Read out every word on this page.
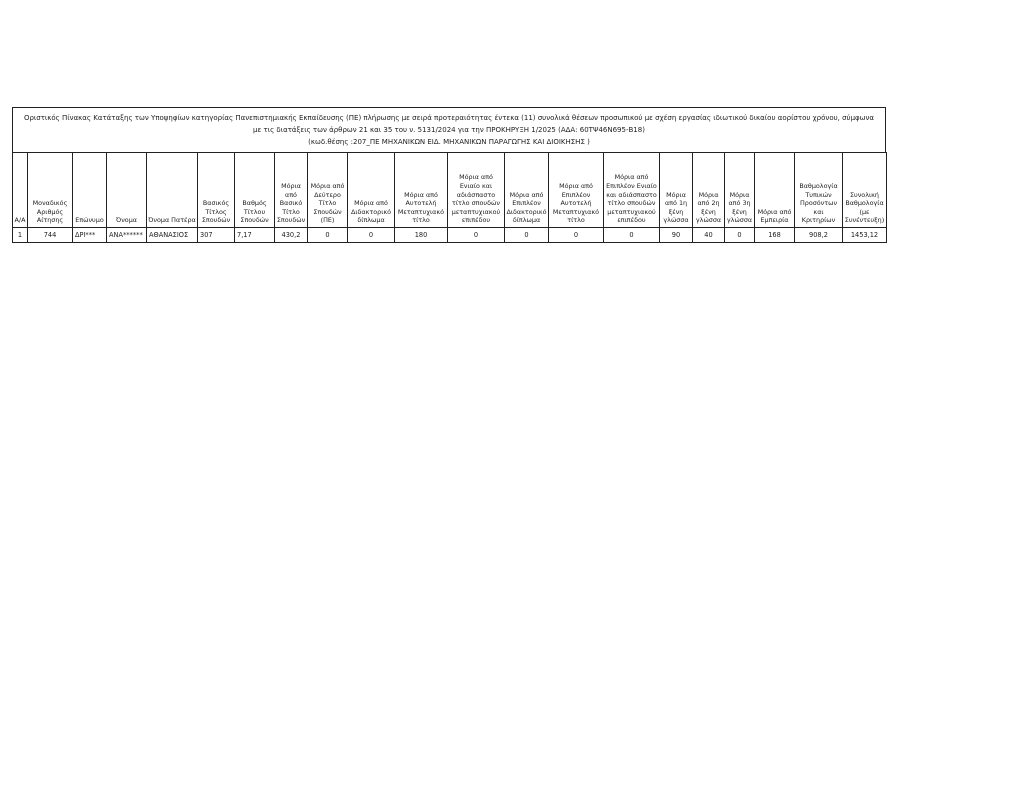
Οριστικός Πίνακας Κατάταξης των Υποψηφίων κατηγορίας Πανεπιστημιακής Εκπαίδευσης (ΠΕ) πλήρωσης με σειρά προτεραιότητας έντεκα (11) συνολικά θέσεων προσωπικού με σχέση εργασίας ιδιωτικού δικαίου αορίστου χρόνου, σύμφωνα με τις διατάξεις των άρθρων 21 και 35 του ν. 5131/2024 για την ΠΡΟΚΗΡΥΞΗ 1/2025 (ΑΔΑ: 60ΤΨ46Ν695-Β18)
(κωδ.θέσης :207_ΠΕ ΜΗΧΑΝΙΚΩΝ ΕΙΔ. ΜΗΧΑΝΙΚΩΝ ΠΑΡΑΓΩΓΗΣ ΚΑΙ ΔΙΟΙΚΗΣΗΣ )
Α/Α	Μοναδικός Αριθμός Αίτησης	Επώνυμο	Όνομα	Όνομα Πατέρα	Βασικός Τίτλος Σπουδών	Βαθμός Τίτλου Σπουδών	Μόρια από Βασικό Τίτλο Σπουδών	Μόρια από Δεύτερο Τίτλο Σπουδών (ΠΕ)	Μόρια από Διδακτορικό δίπλωμα	Μόρια από Αυτοτελή Μεταπτυχιακό τίτλο	Μόρια από Ενιαίο και αδιάσπαστο τίτλο σπουδών μεταπτυχιακού επιπέδου	Μόρια από Επιπλέον Διδακτορικό δίπλωμα	Μόρια από Επιπλέον Αυτοτελή Μεταπτυχιακό τίτλο	Μόρια από Επιπλέον Ενιαίο και αδιάσπαστο τίτλο σπουδών μεταπτυχιακού επιπέδου	Μόρια από 1η ξένη γλώσσα	Μόρια από 2η ξένη γλώσσα	Μόρια από 3η ξένη γλώσσα	Μόρια από Εμπειρία	Βαθμολογία Τυπικών Προσόντων και Κριτηρίων	Συνολική Βαθμολογία (με Συνέντευξη)
1	744	ΔΡΙ***	ΑΝΑ******	ΑΘΑΝΑΣΙΟΣ	307	7,17	430,2	0	0	180	0	0	0	0	90	40	0	168	908,2	1453,12
